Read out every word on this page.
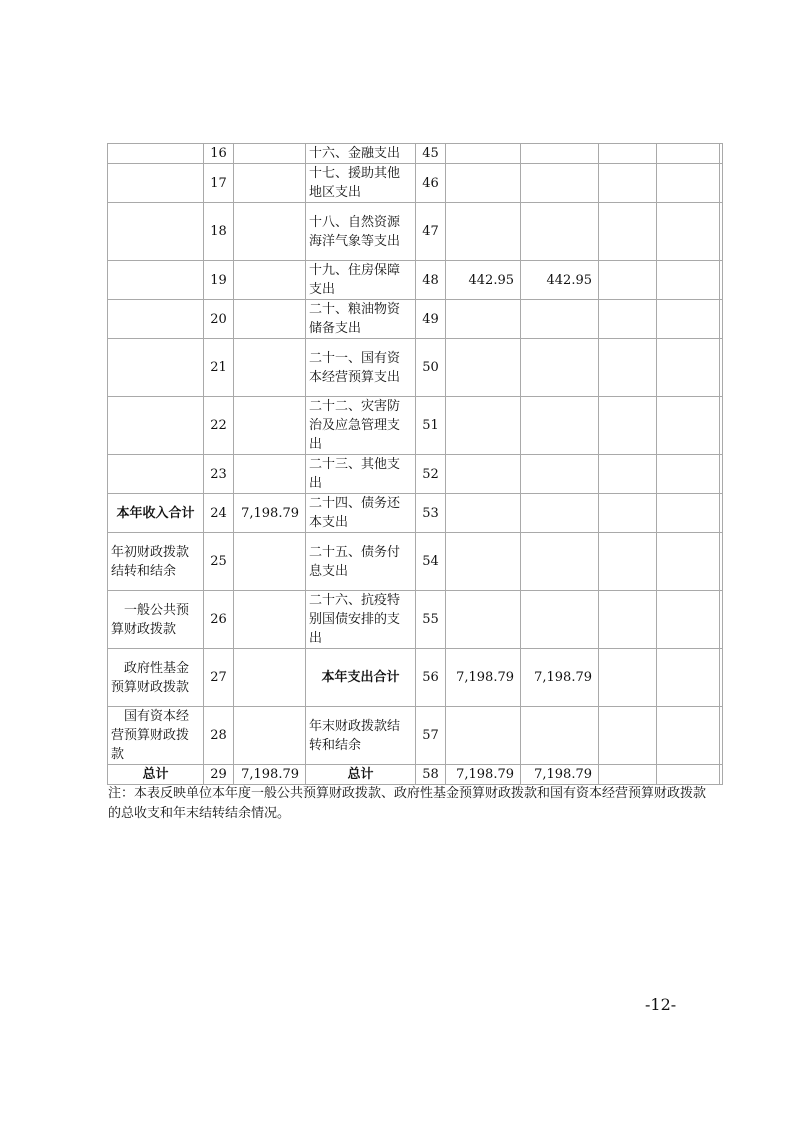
	16		十六、金融支出	45					
	17		十七、援助其他地区支出	46					
	18		十八、自然资源海洋气象等支出	47					
	19		十九、住房保障支出	48	442.95	442.95			
	20		二十、粮油物资储备支出	49					
	21		二十一、国有资本经营预算支出	50					
	22		二十二、灾害防治及应急管理支出	51					
	23		二十三、其他支出	52					
本年收入合计	24	7,198.79	二十四、债务还本支出	53					
年初财政拨款结转和结余	25		二十五、债务付息支出	54					
一般公共预算财政拨款	26		二十六、抗疫特别国债安排的支出	55					
政府性基金预算财政拨款	27		本年支出合计	56	7,198.79	7,198.79			
国有资本经营预算财政拨款	28		年末财政拨款结转和结余	57					
总计	29	7,198.79	总计	58	7,198.79	7,198.79			

注：本表反映单位本年度一般公共预算财政拨款、政府性基金预算财政拨款和国有资本经营预算财政拨款的总收支和年末结转结余情况。

-12-
